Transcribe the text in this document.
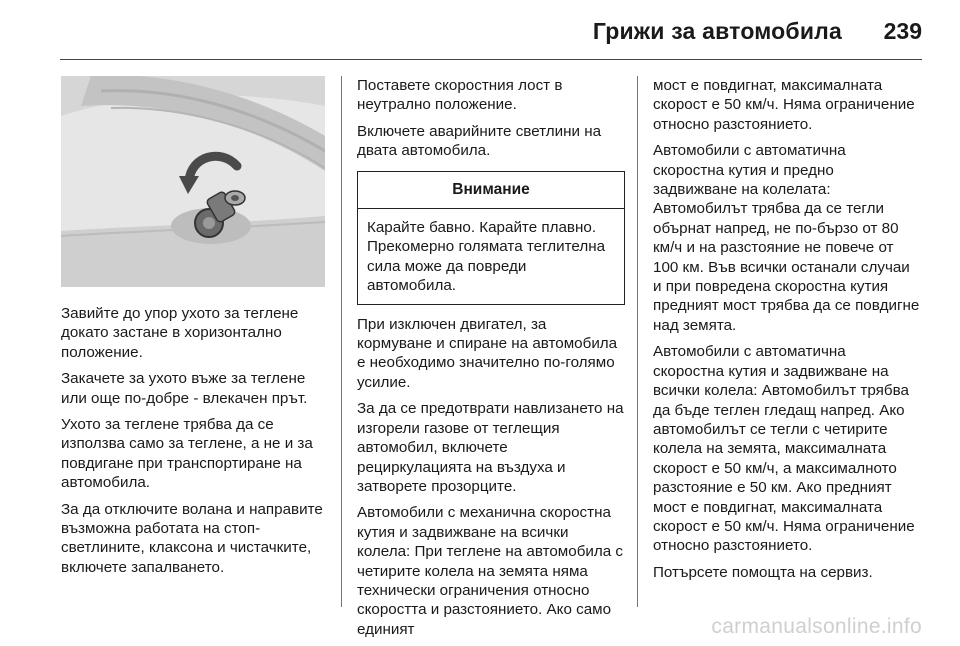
Грижи за автомобила 239

Завийте до упор ухото за теглене докато застане в хоризонтално положение.

Закачете за ухото въже за теглене или още по-добре - влекачен прът.

Ухото за теглене трябва да се използва само за теглене, а не и за повдигане при транспортиране на автомобила.

За да отключите волана и направите възможна работата на стоп-светлините, клаксона и чистачките, включете запалването.

Поставете скоростния лост в неутрално положение.

Включете аварийните светлини на двата автомобила.

Внимание
Карайте бавно. Карайте плавно. Прекомерно голямата теглителна сила може да повреди автомобила.

При изключен двигател, за кормуване и спиране на автомобила е необходимо значително по-голямо усилие.

За да се предотврати навлизането на изгорели газове от теглещия автомобил, включете рециркулацията на въздуха и затворете прозорците.

Автомобили с механична скоростна кутия и задвижване на всички колела: При теглене на автомобила с четирите колела на земята няма технически ограничения относно скоростта и разстоянието. Ако само единият

мост е повдигнат, максималната скорост е 50 км/ч. Няма ограничение относно разстоянието.

Автомобили с автоматична скоростна кутия и предно задвижване на колелата: Автомобилът трябва да се тегли обърнат напред, не по-бързо от 80 км/ч и на разстояние не повече от 100 км. Във всички останали случаи и при повредена скоростна кутия предният мост трябва да се повдигне над земята.

Автомобили с автоматична скоростна кутия и задвижване на всички колела: Автомобилът трябва да бъде теглен гледащ напред. Ако автомобилът се тегли с четирите колела на земята, максималната скорост е 50 км/ч, а максималното разстояние е 50 км. Ако предният мост е повдигнат, максималната скорост е 50 км/ч. Няма ограничение относно разстоянието.

Потърсете помощта на сервиз.

carmanualsonline.info
